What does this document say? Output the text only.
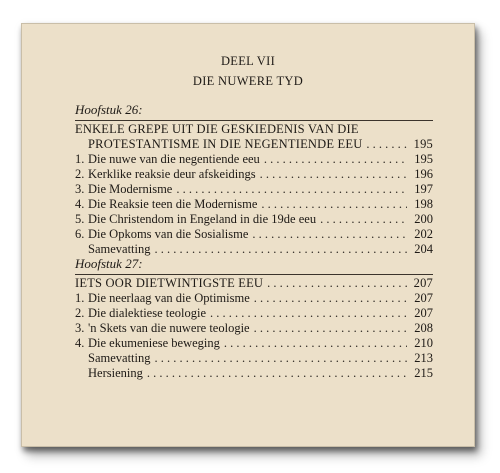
DEEL VII
DIE NUWERE TYD
Hoofstuk 26:
ENKELE GREPE UIT DIE GESKIEDENIS VAN DIE
PROTESTANTISME IN DIE NEGENTIENDE EEU . . .	195
1. Die nuwe van die negentiende eeu . . .	195
2. Kerklike reaksie deur afskeidings . . .	196
3. Die Modernisme . . .	197
4. Die Reaksie teen die Modernisme . . .	198
5. Die Christendom in Engeland in die 19de eeu . . .	200
6. Die Opkoms van die Sosialisme . . .	202
Samevatting . . .	204
Hoofstuk 27:
IETS OOR DIETWINTIGSTE EEU . . .	207
1. Die neerlaag van die Optimisme . . .	207
2. Die dialektiese teologie . . .	207
3. 'n Skets van die nuwere teologie . . .	208
4. Die ekumeniese beweging . . .	210
Samevatting . . .	213
Hersiening . . .	215
